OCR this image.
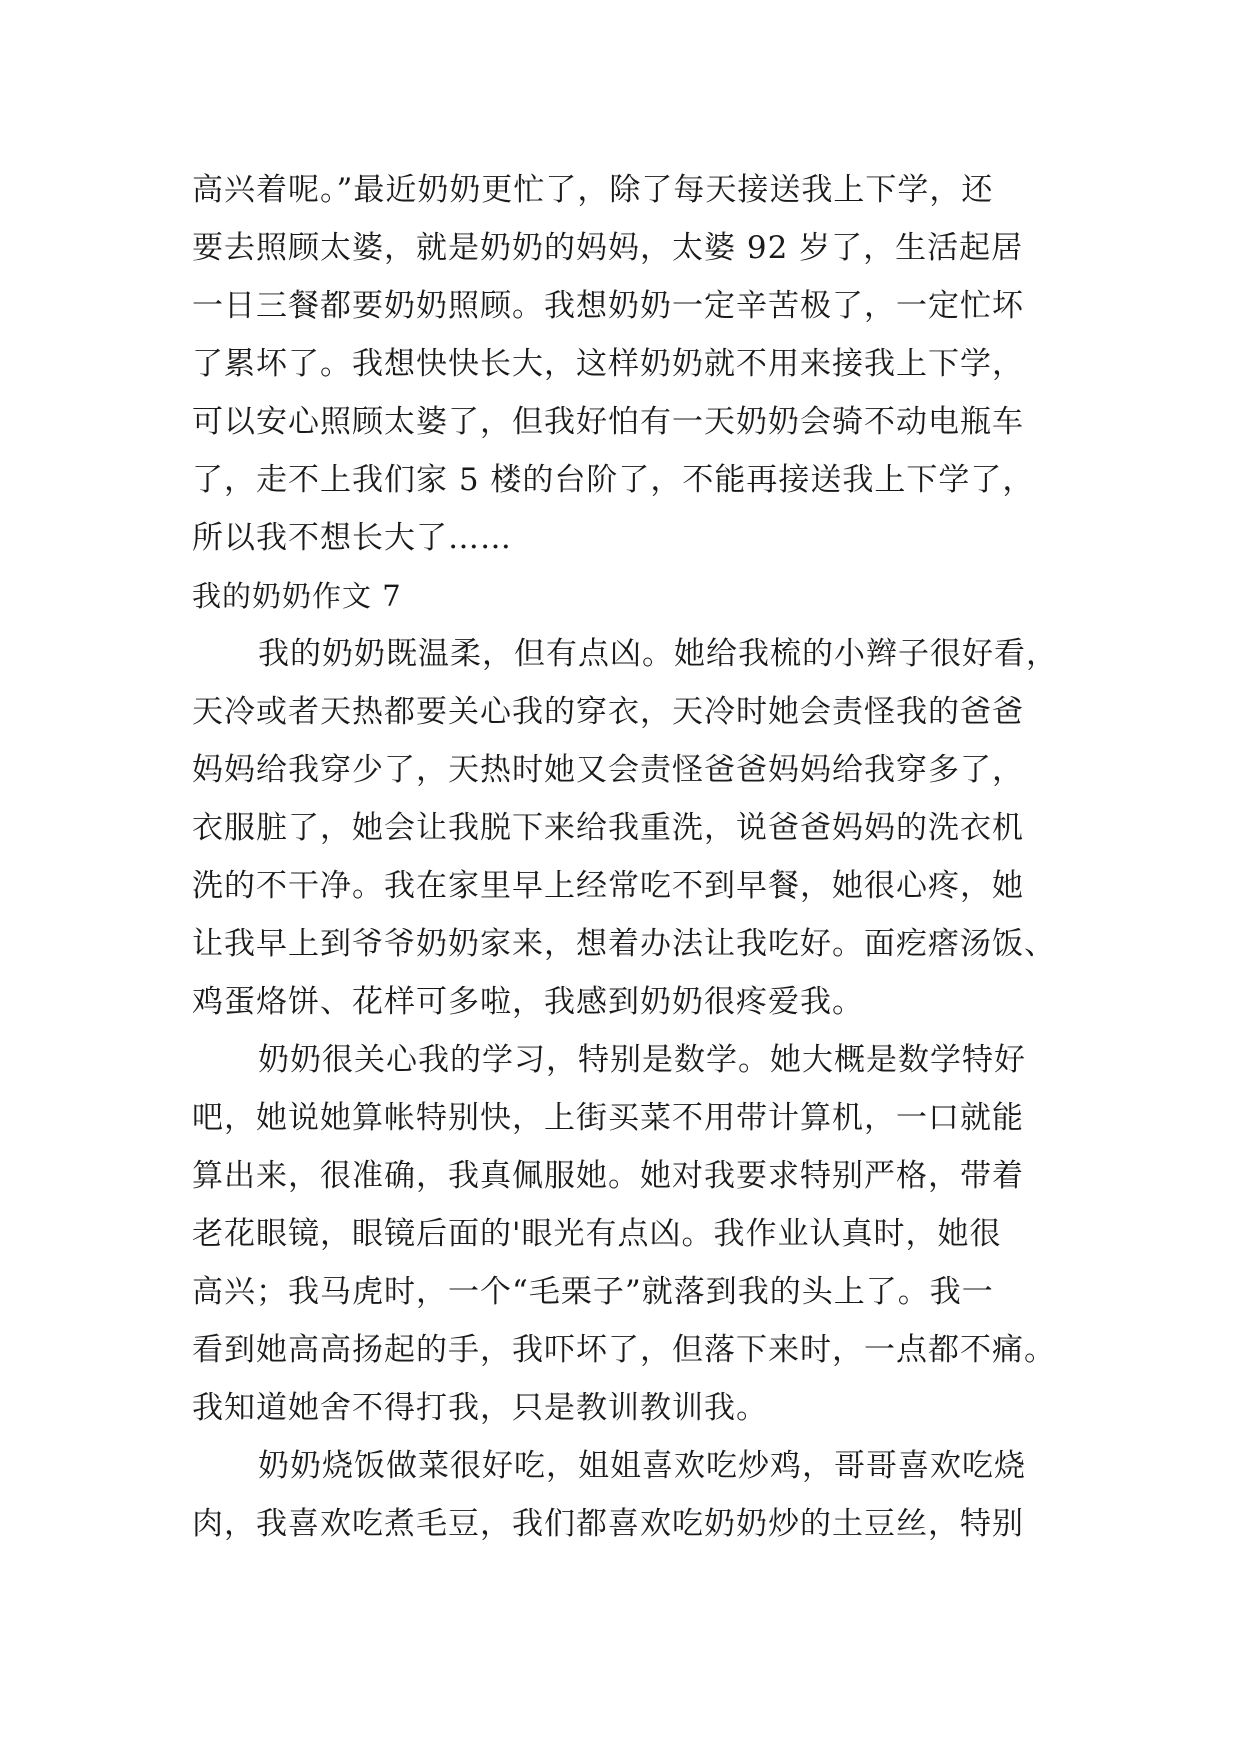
高兴着呢。”最近奶奶更忙了，除了每天接送我上下学，还
要去照顾太婆，就是奶奶的妈妈，太婆 92 岁了，生活起居
一日三餐都要奶奶照顾。我想奶奶一定辛苦极了，一定忙坏
了累坏了。我想快快长大，这样奶奶就不用来接我上下学，
可以安心照顾太婆了，但我好怕有一天奶奶会骑不动电瓶车
了，走不上我们家 5 楼的台阶了，不能再接送我上下学了，
所以我不想长大了……
我的奶奶作文 7
我的奶奶既温柔，但有点凶。她给我梳的小辫子很好看，
天冷或者天热都要关心我的穿衣，天冷时她会责怪我的爸爸
妈妈给我穿少了，天热时她又会责怪爸爸妈妈给我穿多了，
衣服脏了，她会让我脱下来给我重洗，说爸爸妈妈的洗衣机
洗的不干净。我在家里早上经常吃不到早餐，她很心疼，她
让我早上到爷爷奶奶家来，想着办法让我吃好。面疙瘩汤饭、
鸡蛋烙饼、花样可多啦，我感到奶奶很疼爱我。
奶奶很关心我的学习，特别是数学。她大概是数学特好
吧，她说她算帐特别快，上街买菜不用带计算机，一口就能
算出来，很准确，我真佩服她。她对我要求特别严格，带着
老花眼镜，眼镜后面的'眼光有点凶。我作业认真时，她很
高兴；我马虎时，一个“毛栗子”就落到我的头上了。我一
看到她高高扬起的手，我吓坏了，但落下来时，一点都不痛。
我知道她舍不得打我，只是教训教训我。
奶奶烧饭做菜很好吃，姐姐喜欢吃炒鸡，哥哥喜欢吃烧
肉，我喜欢吃煮毛豆，我们都喜欢吃奶奶炒的土豆丝，特别
